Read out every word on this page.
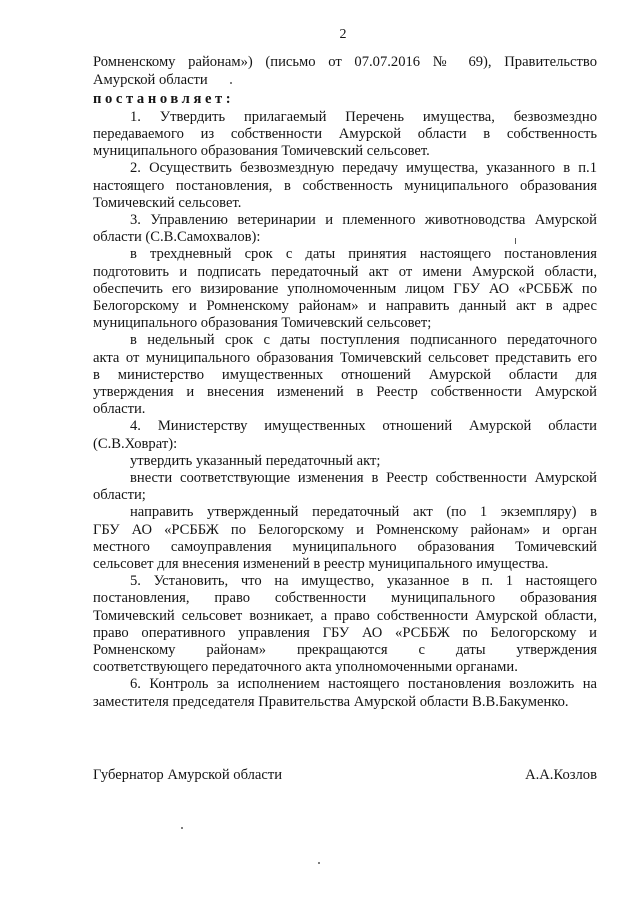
2
Ромненскому районам») (письмо от 07.07.2016 № 69), Правительство
Амурской области
постановляет:
1. Утвердить прилагаемый Перечень имущества, безвозмездно
передаваемого из собственности Амурской области в собственность
муниципального образования Томичевский сельсовет.
2. Осуществить безвозмездную передачу имущества, указанного в п.1
настоящего постановления, в собственность муниципального образования
Томичевский сельсовет.
3. Управлению ветеринарии и племенного животноводства Амурской
области (С.В.Самохвалов):
в трехдневный срок с даты принятия настоящего постановления
подготовить и подписать передаточный акт от имени Амурской области,
обеспечить его визирование уполномоченным лицом ГБУ АО «РСББЖ по
Белогорскому и Ромненскому районам» и направить данный акт в адрес
муниципального образования Томичевский сельсовет;
в недельный срок с даты поступления подписанного передаточного
акта от муниципального образования Томичевский сельсовет представить его
в министерство имущественных отношений Амурской области для
утверждения и внесения изменений в Реестр собственности Амурской
области.
4. Министерству имущественных отношений Амурской области
(С.В.Ховрат):
утвердить указанный передаточный акт;
внести соответствующие изменения в Реестр собственности Амурской
области;
направить утвержденный передаточный акт (по 1 экземпляру) в
ГБУ АО «РСББЖ по Белогорскому и Ромненскому районам» и орган
местного самоуправления муниципального образования Томичевский
сельсовет для внесения изменений в реестр муниципального имущества.
5. Установить, что на имущество, указанное в п. 1 настоящего
постановления, право собственности муниципального образования
Томичевский сельсовет возникает, а право собственности Амурской области,
право оперативного управления ГБУ АО «РСББЖ по Белогорскому и
Ромненскому районам» прекращаются с даты утверждения
соответствующего передаточного акта уполномоченными органами.
6. Контроль за исполнением настоящего постановления возложить на
заместителя председателя Правительства Амурской области В.В.Бакуменко.
Губернатор Амурской области	А.А.Козлов
